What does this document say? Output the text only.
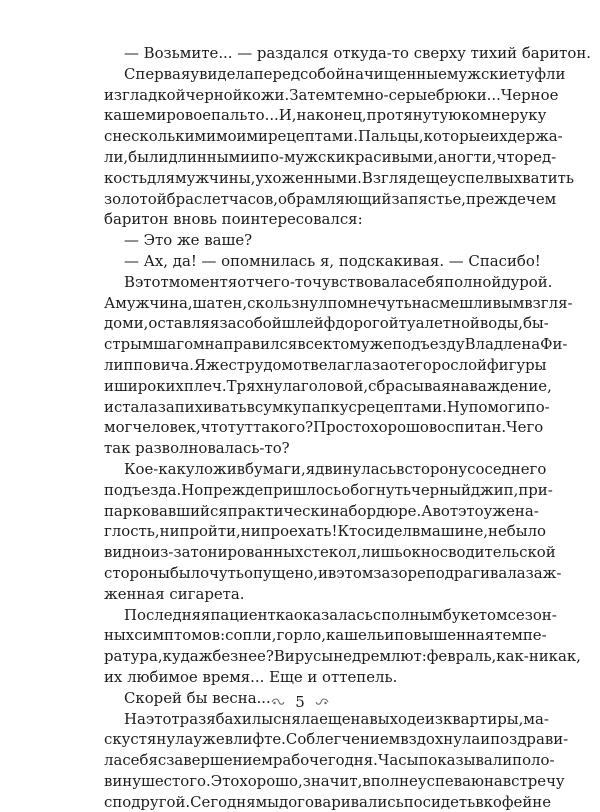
— Возьмите... — раздался откуда-то сверху тихий баритон.
Сперва я увидела перед собой начищенные мужские туфли
из гладкой черной кожи. Затем темно-серые брюки... Черное
кашемировое пальто... И, наконец, протянутую ко мне руку
с несколькими моими рецептами. Пальцы, которые их держа-
ли, были длинными и по-мужски красивыми, а ногти, что ред-
кость для мужчины, ухоженными. Взгляд еще успел выхватить
золотой браслет часов, обрамляющий запястье, прежде чем
баритон вновь поинтересовался:
— Это же ваше?
— Ах, да! — опомнилась я, подскакивая. — Спасибо!
В этот момент я отчего-то чувствовала себя полной дурой.
А мужчина, шатен, скользнул по мне чуть насмешливым взгля-
дом и, оставляя за собой шлейф дорогой туалетной воды, бы-
стрым шагом направился все к тому же подъезду Владлена Фи-
липповича. Я же с трудом отвела глаза от его рослой фигуры
и широких плеч. Тряхнула головой, сбрасывая наваждение,
и стала запихивать в сумку папку с рецептами. Ну помог и по-
мог человек, что тут такого? Просто хорошо воспитан. Чего
так разволновалась-то?
Кое-как уложив бумаги, я двинулась в сторону соседнего
подъезда. Но прежде пришлось обогнуть черный джип, при-
парковавшийся практически на бордюре. А вот это уже на-
глость, ни пройти, ни проехать! Кто сидел в машине, не было
видно из-за тонированных стекол, лишь окно с водительской
стороны было чуть опущено, и в этом зазоре подрагивала заж-
женная сигарета.
Последняя пациентка оказалась с полным букетом сезон-
ных симптомов: сопли, горло, кашель и повышенная темпе-
ратура, куда ж без нее? Вирусы не дремлют: февраль, как-никак,
их любимое время... Еще и оттепель.
Скорей бы весна...
На этот раз я бахилы сняла еще на выходе из квартиры, ма-
ску стянула уже в лифте. С облегчением вздохнула и поздрави-
ла себя с завершением рабочего дня. Часы показывали поло-
вину шестого. Это хорошо, значит, вполне успеваю на встречу
с подругой. Сегодня мы договаривались посидеть в кофейне
5
